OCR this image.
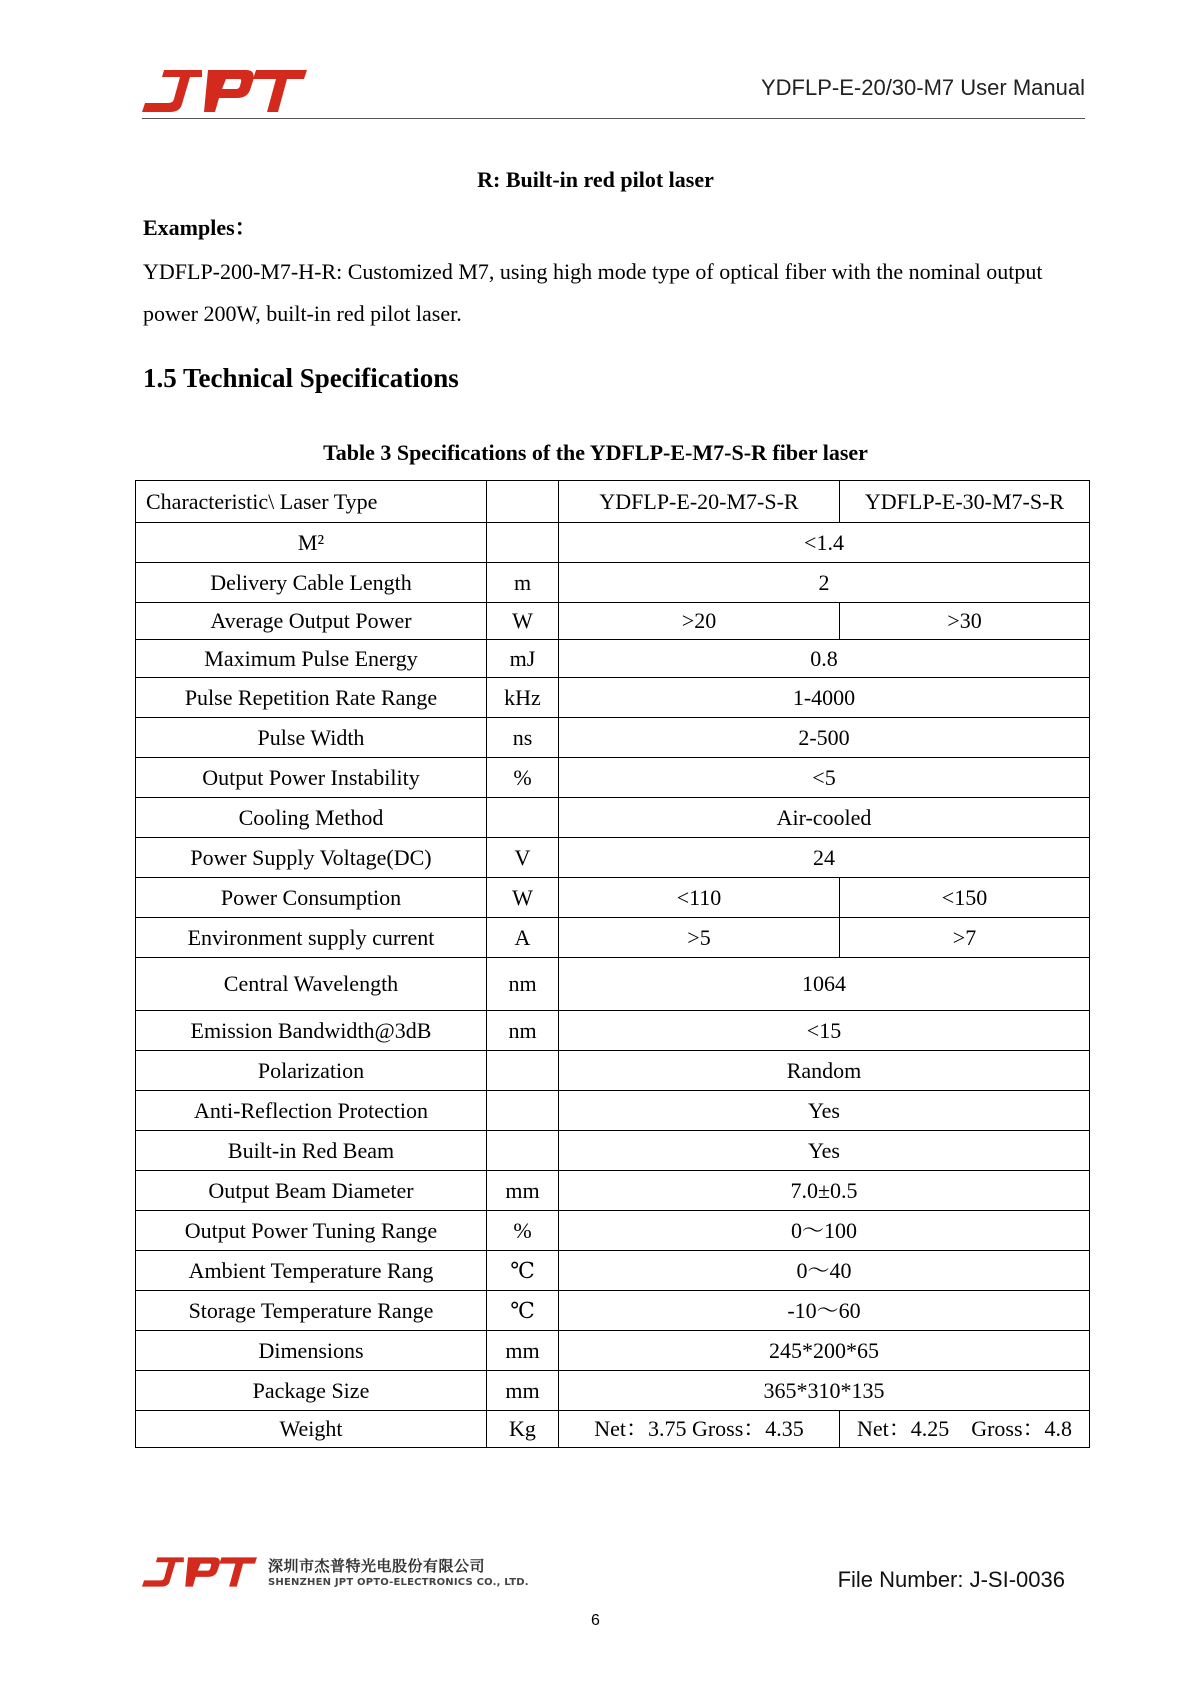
YDFLP-E-20/30-M7 User Manual
R: Built-in red pilot laser
Examples：
YDFLP-200-M7-H-R: Customized M7, using high mode type of optical fiber with the nominal output power 200W, built-in red pilot laser.
1.5 Technical Specifications
Table 3 Specifications of the YDFLP-E-M7-S-R fiber laser
Characteristic\ Laser Type		YDFLP-E-20-M7-S-R	YDFLP-E-30-M7-S-R
M²		<1.4	
Delivery Cable Length	m	2	
Average Output Power	W	>20	>30
Maximum Pulse Energy	mJ	0.8	
Pulse Repetition Rate Range	kHz	1-4000	
Pulse Width	ns	2-500	
Output Power Instability	%	<5	
Cooling Method		Air-cooled	
Power Supply Voltage(DC)	V	24	
Power Consumption	W	<110	<150
Environment supply current	A	>5	>7
Central Wavelength	nm	1064	
Emission Bandwidth@3dB	nm	<15	
Polarization		Random	
Anti-Reflection Protection		Yes	
Built-in Red Beam		Yes	
Output Beam Diameter	mm	7.0±0.5	
Output Power Tuning Range	%	0～100	
Ambient Temperature Rang	℃	0～40	
Storage Temperature Range	℃	-10～60	
Dimensions	mm	245*200*65	
Package Size	mm	365*310*135	
Weight	Kg	Net：3.75 Gross：4.35	Net：4.25    Gross：4.8
深圳市杰普特光电股份有限公司
SHENZHEN JPT OPTO-ELECTRONICS CO., LTD.	File Number: J-SI-0036
6
